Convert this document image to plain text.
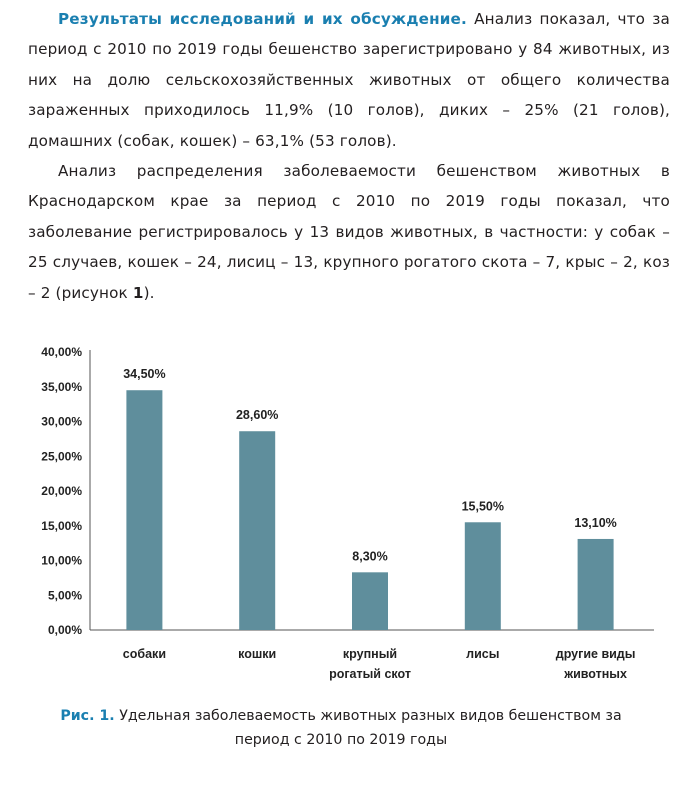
Результаты исследований и их обсуждение. Анализ показал, что за период с 2010 по 2019 годы бешенство зарегистрировано у 84 животных, из них на долю сельскохозяйственных животных от общего количества зараженных приходилось 11,9% (10 голов), диких – 25% (21 голов), домашних (собак, кошек) – 63,1% (53 голов).

Анализ распределения заболеваемости бешенством животных в Краснодарском крае за период с 2010 по 2019 годы показал, что заболевание регистрировалось у 13 видов животных, в частности: у собак – 25 случаев, кошек – 24, лисиц – 13, крупного рогатого скота – 7, крыс – 2, коз – 2 (рисунок 1).

0,00%
5,00%
10,00%
15,00%
20,00%
25,00%
30,00%
35,00%
40,00%
34,50%
собаки
28,60%
кошки
8,30%
крупный
рогатый скот
15,50%
лисы
13,10%
другие виды
животных
Рис. 1. Удельная заболеваемость животных разных видов бешенством за
период с 2010 по 2019 годы
